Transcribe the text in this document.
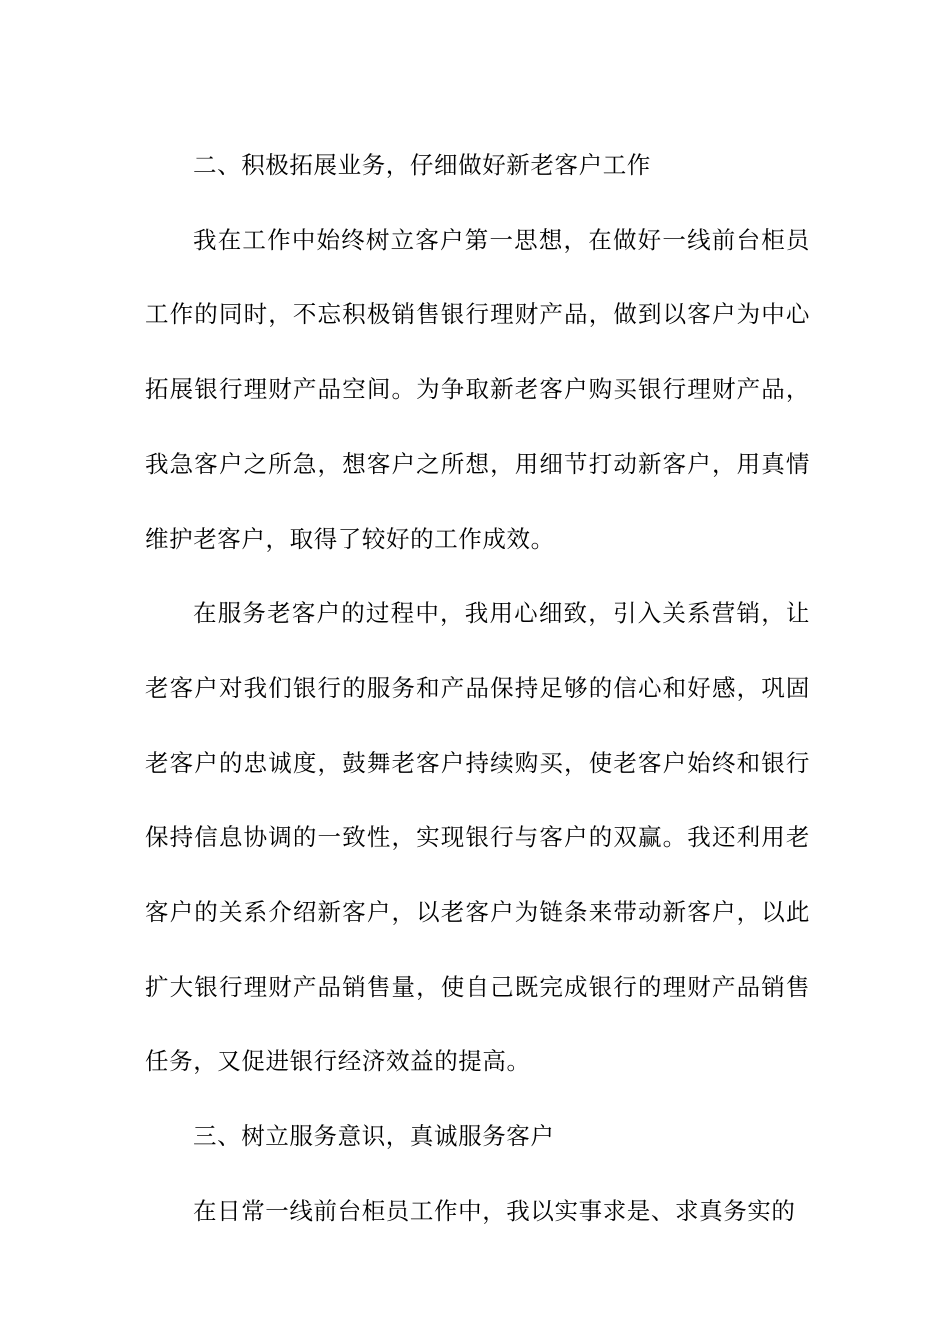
二、积极拓展业务，仔细做好新老客户工作

我在工作中始终树立客户第一思想，在做好一线前台柜员工作的同时，不忘积极销售银行理财产品，做到以客户为中心拓展银行理财产品空间。为争取新老客户购买银行理财产品，我急客户之所急，想客户之所想，用细节打动新客户，用真情维护老客户，取得了较好的工作成效。

在服务老客户的过程中，我用心细致，引入关系营销，让老客户对我们银行的服务和产品保持足够的信心和好感，巩固老客户的忠诚度，鼓舞老客户持续购买，使老客户始终和银行保持信息协调的一致性，实现银行与客户的双赢。我还利用老客户的关系介绍新客户，以老客户为链条来带动新客户，以此扩大银行理财产品销售量，使自己既完成银行的理财产品销售任务，又促进银行经济效益的提高。

三、树立服务意识，真诚服务客户

在日常一线前台柜员工作中，我以实事求是、求真务实的
